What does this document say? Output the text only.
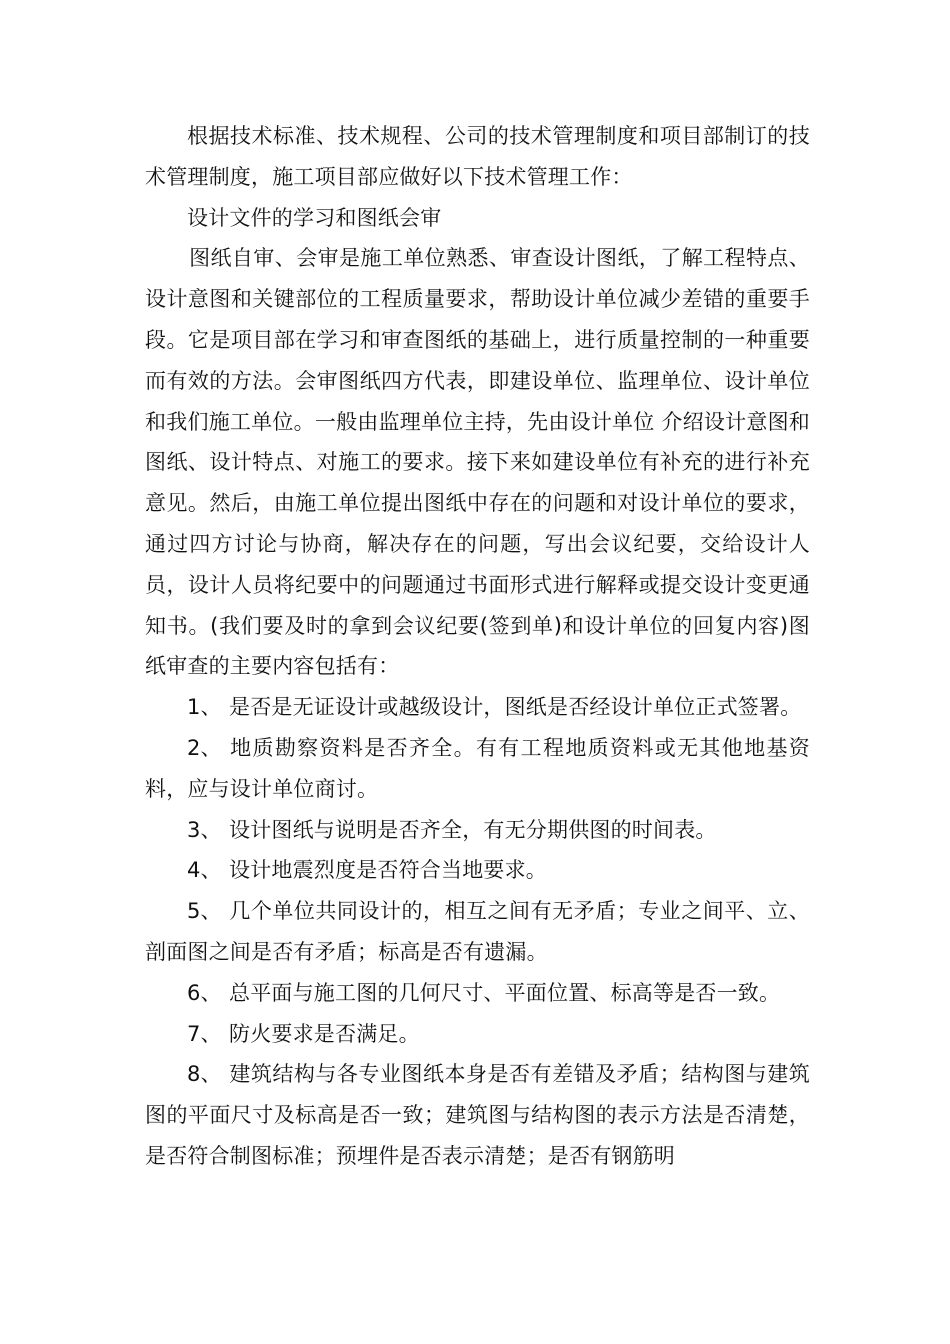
根据技术标准、技术规程、公司的技术管理制度和项目部制订的技术管理制度，施工项目部应做好以下技术管理工作：

设计文件的学习和图纸会审

图纸自审、会审是施工单位熟悉、审查设计图纸，了解工程特点、设计意图和关键部位的工程质量要求，帮助设计单位减少差错的重要手段。它是项目部在学习和审查图纸的基础上，进行质量控制的一种重要而有效的方法。会审图纸四方代表，即建设单位、监理单位、设计单位和我们施工单位。一般由监理单位主持，先由设计单位 介绍设计意图和图纸、设计特点、对施工的要求。接下来如建设单位有补充的进行补充意见。然后，由施工单位提出图纸中存在的问题和对设计单位的要求，通过四方讨论与协商，解决存在的问题，写出会议纪要，交给设计人员，设计人员将纪要中的问题通过书面形式进行解释或提交设计变更通知书。(我们要及时的拿到会议纪要(签到单)和设计单位的回复内容)图纸审查的主要内容包括有：

1、 是否是无证设计或越级设计，图纸是否经设计单位正式签署。

2、 地质勘察资料是否齐全。有有工程地质资料或无其他地基资料，应与设计单位商讨。

3、 设计图纸与说明是否齐全，有无分期供图的时间表。

4、 设计地震烈度是否符合当地要求。

5、 几个单位共同设计的，相互之间有无矛盾；专业之间平、立、剖面图之间是否有矛盾；标高是否有遗漏。

6、 总平面与施工图的几何尺寸、平面位置、标高等是否一致。

7、 防火要求是否满足。

8、 建筑结构与各专业图纸本身是否有差错及矛盾；结构图与建筑图的平面尺寸及标高是否一致；建筑图与结构图的表示方法是否清楚，是否符合制图标准；预埋件是否表示清楚；是否有钢筋明
